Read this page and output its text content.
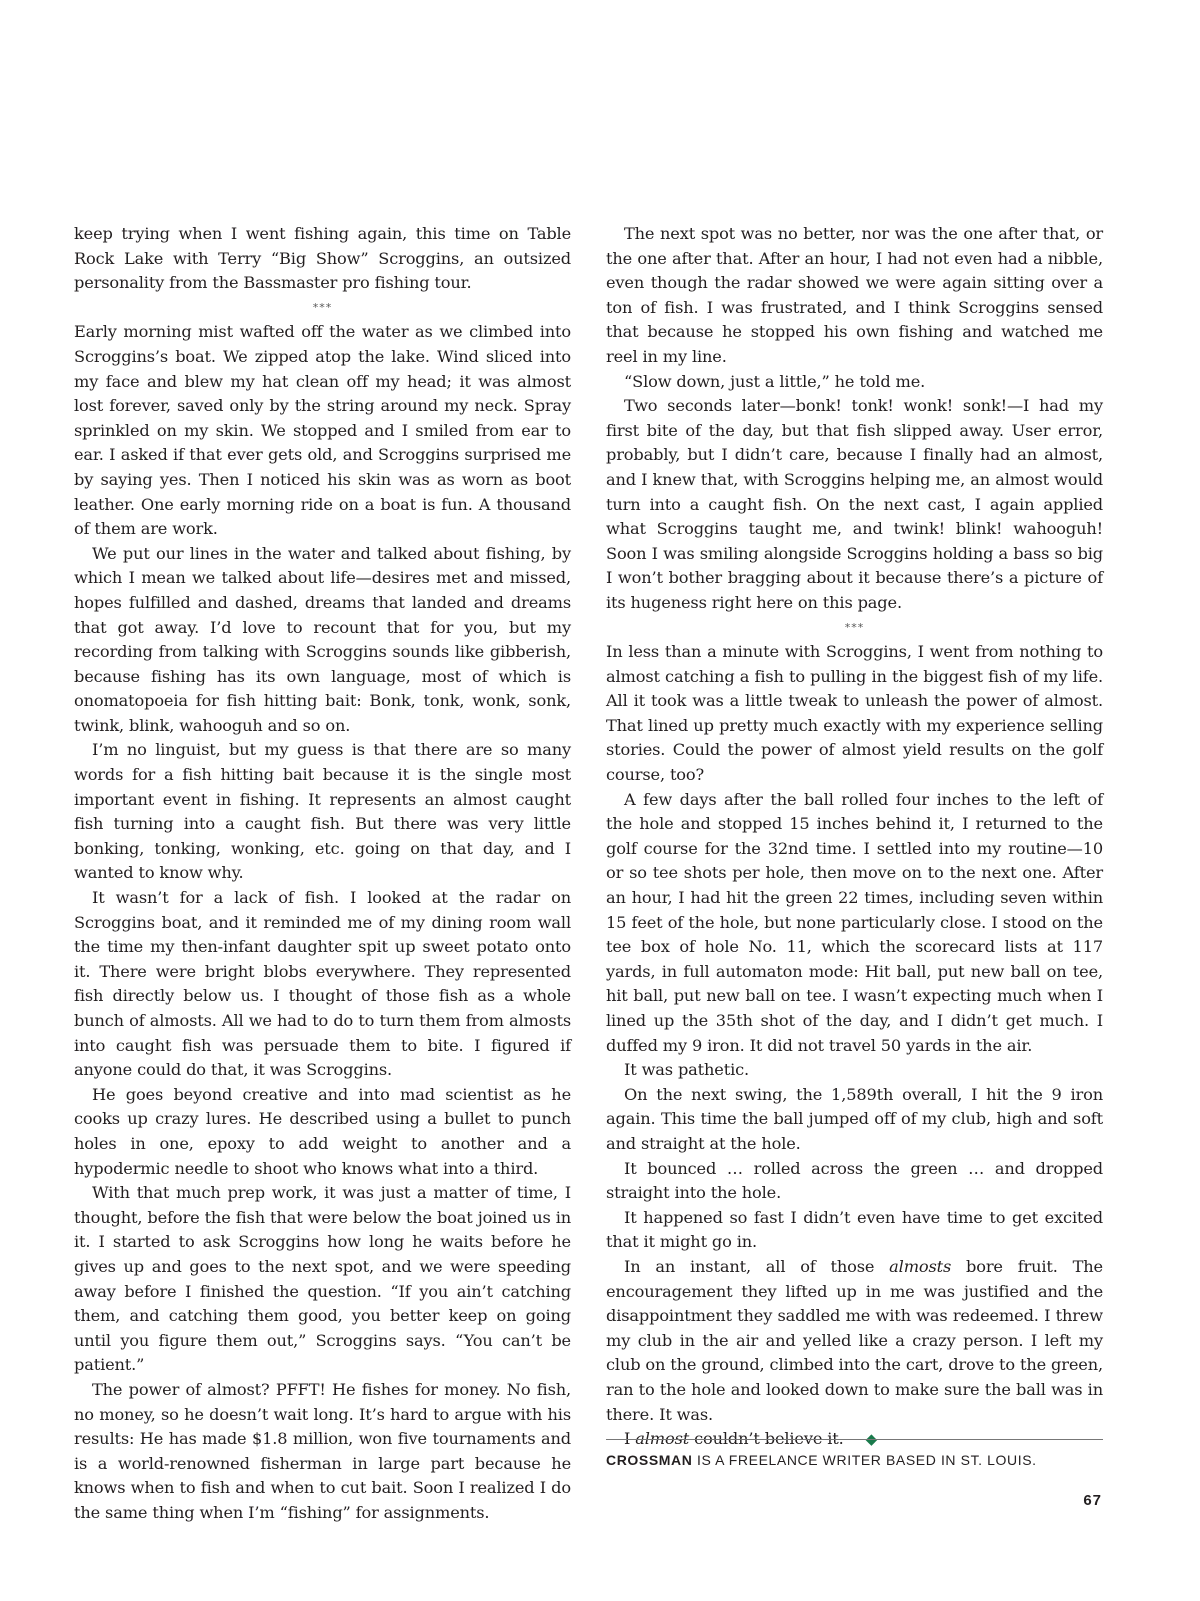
keep trying when I went fishing again, this time on Table Rock Lake with Terry “Big Show” Scroggins, an outsized personality from the Bassmaster pro fishing tour.

***

Early morning mist wafted off the water as we climbed into Scroggins’s boat. We zipped atop the lake. Wind sliced into my face and blew my hat clean off my head; it was almost lost forever, saved only by the string around my neck. Spray sprinkled on my skin. We stopped and I smiled from ear to ear. I asked if that ever gets old, and Scroggins surprised me by saying yes. Then I noticed his skin was as worn as boot leather. One early morning ride on a boat is fun. A thousand of them are work.

We put our lines in the water and talked about fishing, by which I mean we talked about life—desires met and missed, hopes fulfilled and dashed, dreams that landed and dreams that got away. I’d love to recount that for you, but my recording from talking with Scroggins sounds like gibberish, because fishing has its own language, most of which is onomatopoeia for fish hitting bait: Bonk, tonk, wonk, sonk, twink, blink, wahooguh and so on.

I’m no linguist, but my guess is that there are so many words for a fish hitting bait because it is the single most important event in fishing. It represents an almost caught fish turning into a caught fish. But there was very little bonking, tonking, wonking, etc. going on that day, and I wanted to know why.

It wasn’t for a lack of fish. I looked at the radar on Scroggins boat, and it reminded me of my dining room wall the time my then-infant daughter spit up sweet potato onto it. There were bright blobs everywhere. They represented fish directly below us. I thought of those fish as a whole bunch of almosts. All we had to do to turn them from almosts into caught fish was persuade them to bite. I figured if anyone could do that, it was Scroggins.

He goes beyond creative and into mad scientist as he cooks up crazy lures. He described using a bullet to punch holes in one, epoxy to add weight to another and a hypodermic needle to shoot who knows what into a third.

With that much prep work, it was just a matter of time, I thought, before the fish that were below the boat joined us in it. I started to ask Scroggins how long he waits before he gives up and goes to the next spot, and we were speeding away before I finished the question. “If you ain’t catching them, and catching them good, you better keep on going until you figure them out,” Scroggins says. “You can’t be patient.”

The power of almost? PFFT! He fishes for money. No fish, no money, so he doesn’t wait long. It’s hard to argue with his results: He has made $1.8 million, won five tournaments and is a world-renowned fisherman in large part because he knows when to fish and when to cut bait. Soon I realized I do the same thing when I’m “fishing” for assignments.

The next spot was no better, nor was the one after that, or the one after that. After an hour, I had not even had a nibble, even though the radar showed we were again sitting over a ton of fish. I was frustrated, and I think Scroggins sensed that because he stopped his own fishing and watched me reel in my line.

“Slow down, just a little,” he told me.

Two seconds later—bonk! tonk! wonk! sonk!—I had my first bite of the day, but that fish slipped away. User error, probably, but I didn’t care, because I finally had an almost, and I knew that, with Scroggins helping me, an almost would turn into a caught fish. On the next cast, I again applied what Scroggins taught me, and twink! blink! wahooguh! Soon I was smiling alongside Scroggins holding a bass so big I won’t bother bragging about it because there’s a picture of its hugeness right here on this page.

***

In less than a minute with Scroggins, I went from nothing to almost catching a fish to pulling in the biggest fish of my life. All it took was a little tweak to unleash the power of almost. That lined up pretty much exactly with my experience selling stories. Could the power of almost yield results on the golf course, too?

A few days after the ball rolled four inches to the left of the hole and stopped 15 inches behind it, I returned to the golf course for the 32nd time. I settled into my routine—10 or so tee shots per hole, then move on to the next one. After an hour, I had hit the green 22 times, including seven within 15 feet of the hole, but none particularly close. I stood on the tee box of hole No. 11, which the scorecard lists at 117 yards, in full automaton mode: Hit ball, put new ball on tee, hit ball, put new ball on tee. I wasn’t expecting much when I lined up the 35th shot of the day, and I didn’t get much. I duffed my 9 iron. It did not travel 50 yards in the air.

It was pathetic.

On the next swing, the 1,589th overall, I hit the 9 iron again. This time the ball jumped off of my club, high and soft and straight at the hole.

It bounced … rolled across the green … and dropped straight into the hole.

It happened so fast I didn’t even have time to get excited that it might go in.

In an instant, all of those almosts bore fruit. The encouragement they lifted up in me was justified and the disappointment they saddled me with was redeemed. I threw my club in the air and yelled like a crazy person. I left my club on the ground, climbed into the cart, drove to the green, ran to the hole and looked down to make sure the ball was in there. It was.

I almost couldn’t believe it. ◆

CROSSMAN IS A FREELANCE WRITER BASED IN ST. LOUIS.
67
